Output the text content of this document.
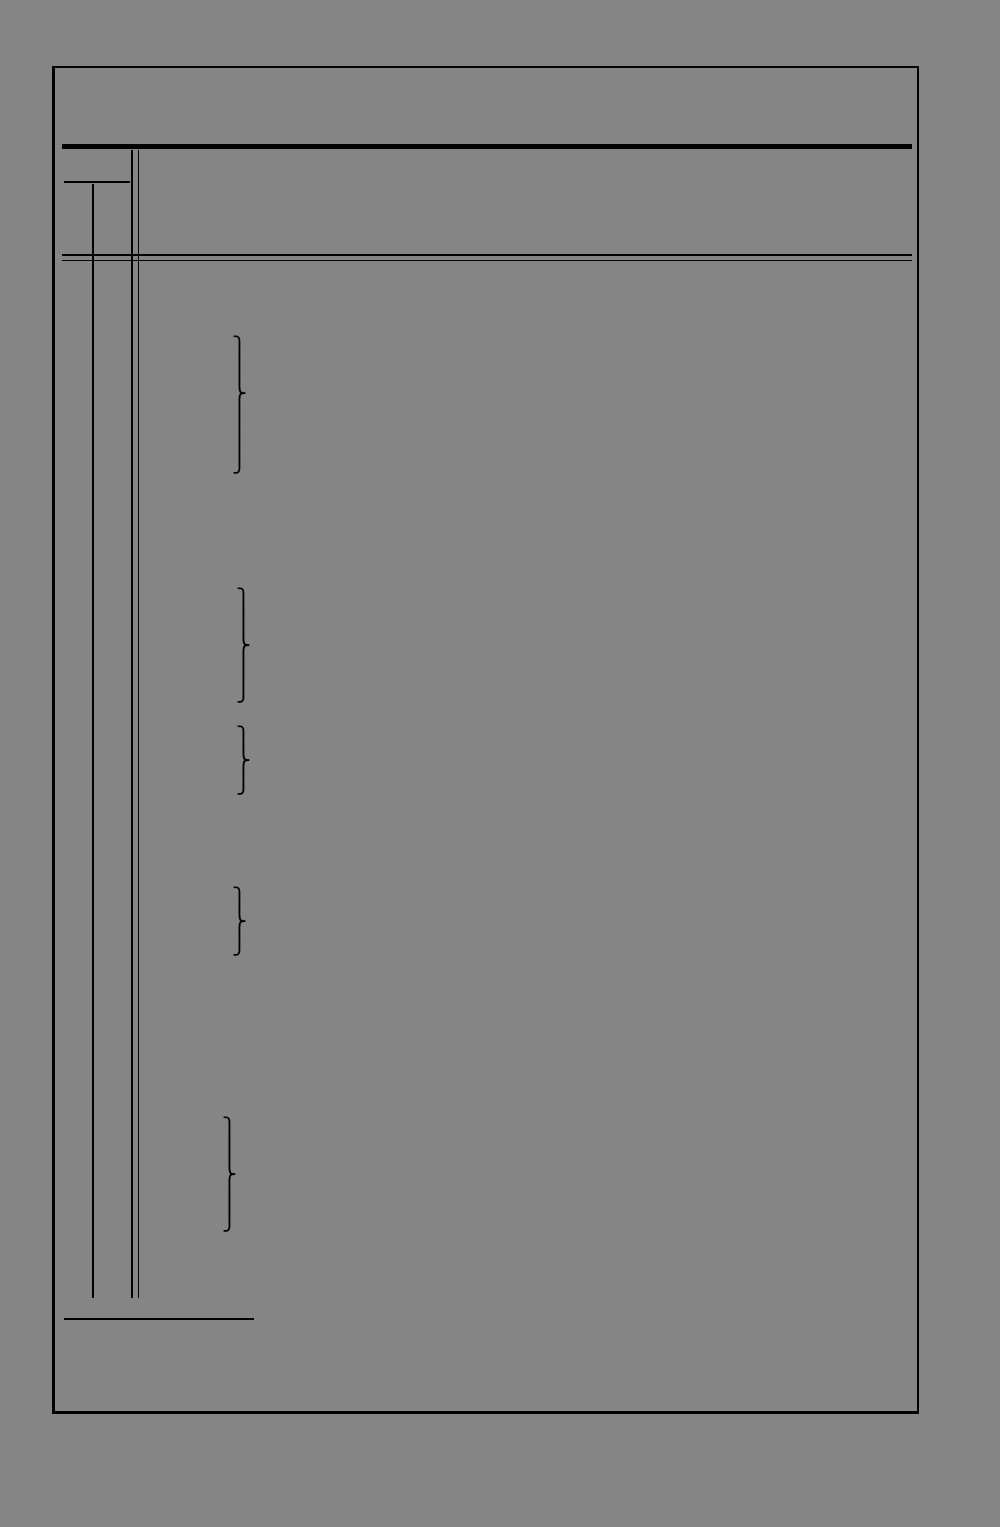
⎫
⎪
⎬
⎪
⎪
⎭
⎫
⎪
⎬
⎪
⎭
⎫
⎬
⎭
⎫
⎬
⎭
⎫
⎪
⎬
⎪
⎭
